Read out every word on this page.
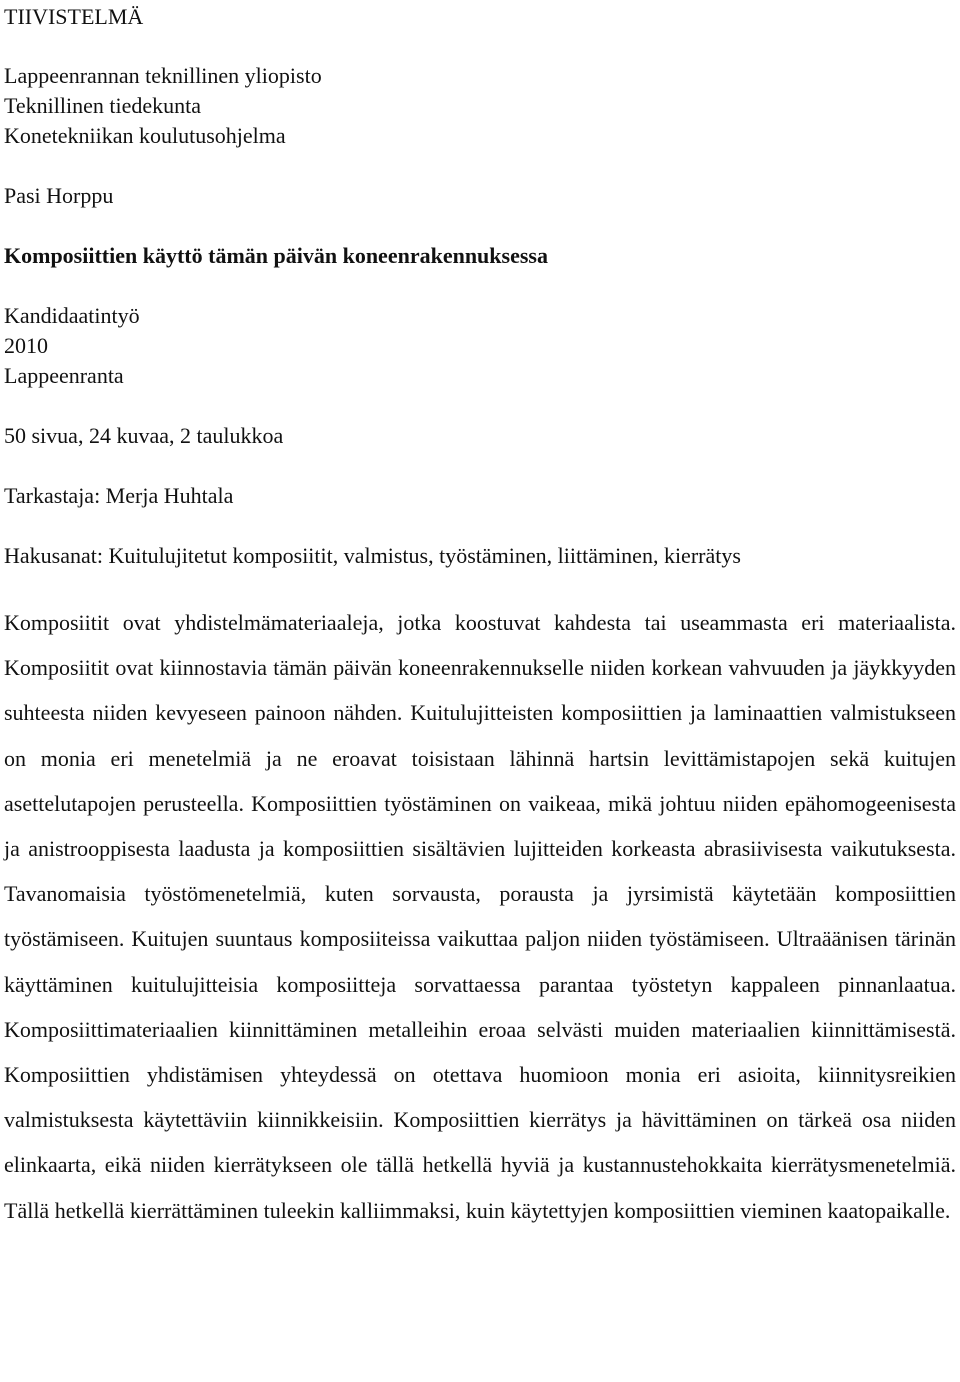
TIIVISTELMÄ
Lappeenrannan teknillinen yliopisto
Teknillinen tiedekunta
Konetekniikan koulutusohjelma
Pasi Horppu
Komposiittien käyttö tämän päivän koneenrakennuksessa
Kandidaatintyö
2010
Lappeenranta
50 sivua, 24 kuvaa, 2 taulukkoa
Tarkastaja: Merja Huhtala
Hakusanat: Kuitulujitetut komposiitit, valmistus, työstäminen, liittäminen, kierrätys

Komposiitit ovat yhdistelmämateriaaleja, jotka koostuvat kahdesta tai useammasta eri materiaalista. Komposiitit ovat kiinnostavia tämän päivän koneenrakennukselle niiden korkean vahvuuden ja jäykkyyden suhteesta niiden kevyeseen painoon nähden. Kuitulujitteisten komposiittien ja laminaattien valmistukseen on monia eri menetelmiä ja ne eroavat toisistaan lähinnä hartsin levittämistapojen sekä kuitujen asettelutapojen perusteella. Komposiittien työstäminen on vaikeaa, mikä johtuu niiden epähomogeenisesta ja anistrooppisesta laadusta ja komposiittien sisältävien lujitteiden korkeasta abrasiivisesta vaikutuksesta. Tavanomaisia työstömenetelmiä, kuten sorvausta, porausta ja jyrsimistä käytetään komposiittien työstämiseen. Kuitujen suuntaus komposiiteissa vaikuttaa paljon niiden työstämiseen. Ultraäänisen tärinän käyttäminen kuitulujitteisia komposiitteja sorvattaessa parantaa työstetyn kappaleen pinnanlaatua. Komposiittimateriaalien kiinnittäminen metalleihin eroaa selvästi muiden materiaalien kiinnittämisestä. Komposiittien yhdistämisen yhteydessä on otettava huomioon monia eri asioita, kiinnitysreikien valmistuksesta käytettäviin kiinnikkeisiin. Komposiittien kierrätys ja hävittäminen on tärkeä osa niiden elinkaarta, eikä niiden kierrätykseen ole tällä hetkellä hyviä ja kustannustehokkaita kierrätysmenetelmiä. Tällä hetkellä kierrättäminen tuleekin kalliimmaksi, kuin käytettyjen komposiittien vieminen kaatopaikalle.
